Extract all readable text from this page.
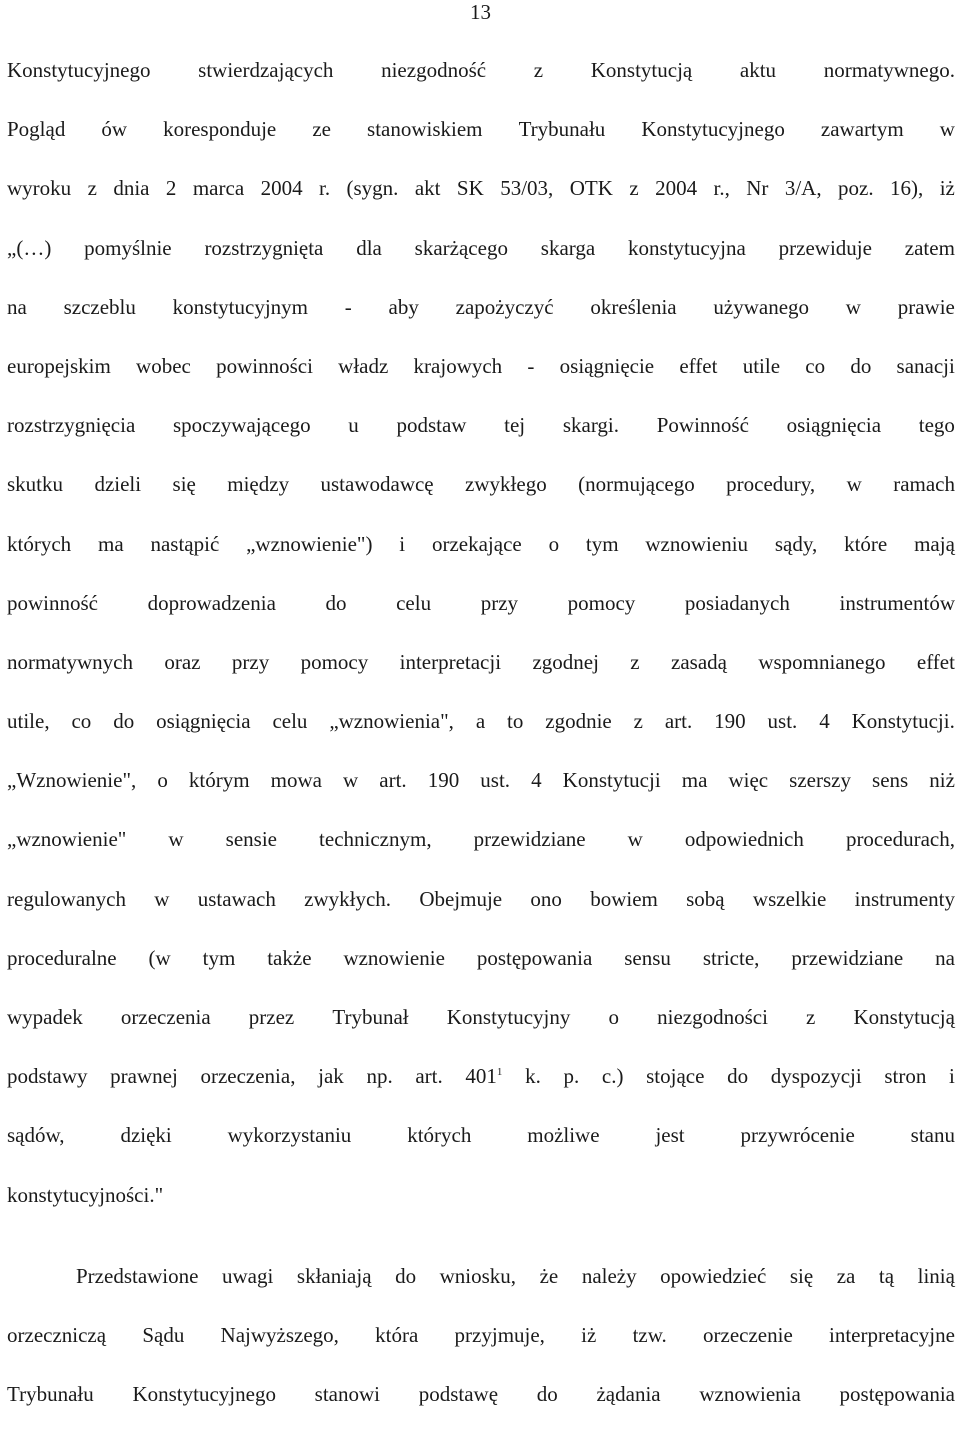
13
Konstytucyjnego stwierdzających niezgodność z Konstytucją aktu normatywnego.
Pogląd ów koresponduje ze stanowiskiem Trybunału Konstytucyjnego zawartym w
wyroku z dnia 2 marca 2004 r. (sygn. akt SK 53/03, OTK z 2004 r., Nr 3/A, poz. 16), iż
„(…) pomyślnie rozstrzygnięta dla skarżącego skarga konstytucyjna przewiduje zatem
na szczeblu konstytucyjnym - aby zapożyczyć określenia używanego w prawie
europejskim wobec powinności władz krajowych - osiągnięcie effet utile co do sanacji
rozstrzygnięcia spoczywającego u podstaw tej skargi. Powinność osiągnięcia tego
skutku dzieli się między ustawodawcę zwykłego (normującego procedury, w ramach
których ma nastąpić „wznowienie") i orzekające o tym wznowieniu sądy, które mają
powinność doprowadzenia do celu przy pomocy posiadanych instrumentów
normatywnych oraz przy pomocy interpretacji zgodnej z zasadą wspomnianego effet
utile, co do osiągnięcia celu „wznowienia", a to zgodnie z art. 190 ust. 4 Konstytucji.
„Wznowienie", o którym mowa w art. 190 ust. 4 Konstytucji ma więc szerszy sens niż
„wznowienie" w sensie technicznym, przewidziane w odpowiednich procedurach,
regulowanych w ustawach zwykłych. Obejmuje ono bowiem sobą wszelkie instrumenty
proceduralne (w tym także wznowienie postępowania sensu stricte, przewidziane na
wypadek orzeczenia przez Trybunał Konstytucyjny o niezgodności z Konstytucją
podstawy prawnej orzeczenia, jak np. art. $401^1$ k. p. c.) stojące do dyspozycji stron i
sądów,	dzięki	wykorzystaniu	których	możliwe	jest	przywrócenie	stanu
konstytucyjności."
Przedstawione uwagi skłaniają do wniosku, że należy opowiedzieć się za tą linią
orzeczniczą Sądu Najwyższego, która przyjmuje, iż tzw. orzeczenie interpretacyjne
Trybunału Konstytucyjnego stanowi podstawę do żądania wznowienia postępowania
